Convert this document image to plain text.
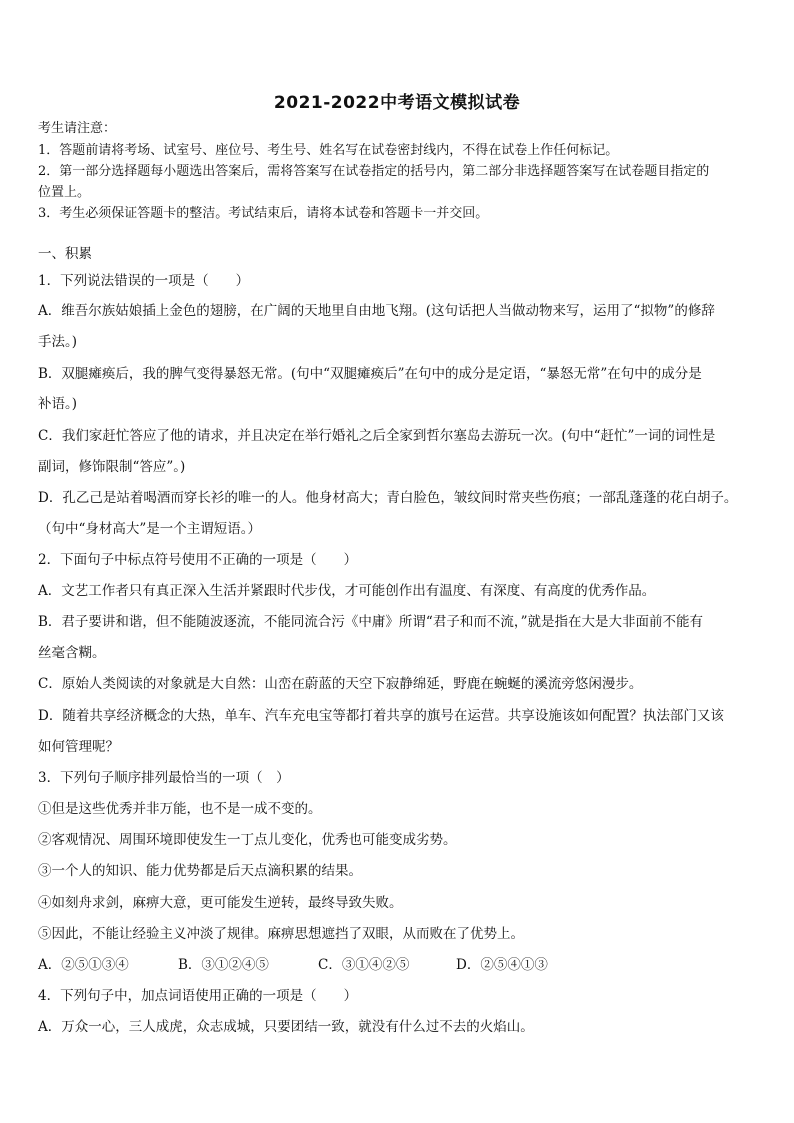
2021-2022中考语文模拟试卷
考生请注意：
1．答题前请将考场、试室号、座位号、考生号、姓名写在试卷密封线内，不得在试卷上作任何标记。
2．第一部分选择题每小题选出答案后，需将答案写在试卷指定的括号内，第二部分非选择题答案写在试卷题目指定的
位置上。
3．考生必须保证答题卡的整洁。考试结束后，请将本试卷和答题卡一并交回。
一、积累
1．下列说法错误的一项是（　　）
A．维吾尔族姑娘插上金色的翅膀，在广阔的天地里自由地飞翔。(这句话把人当做动物来写，运用了“拟物”的修辞
手法。)
B．双腿瘫痪后，我的脾气变得暴怒无常。(句中“双腿瘫痪后”在句中的成分是定语，“暴怒无常”在句中的成分是
补语。)
C．我们家赶忙答应了他的请求，并且决定在举行婚礼之后全家到哲尔塞岛去游玩一次。(句中“赶忙”一词的词性是
副词，修饰限制“答应”。)
D．孔乙己是站着喝酒而穿长衫的唯一的人。他身材高大；青白脸色，皱纹间时常夹些伤痕；一部乱蓬蓬的花白胡子。
（句中“身材高大”是一个主谓短语。）
2．下面句子中标点符号使用不正确的一项是（　　）
A．文艺工作者只有真正深入生活并紧跟时代步伐，才可能创作出有温度、有深度、有高度的优秀作品。
B．君子要讲和谐，但不能随波逐流，不能同流合污《中庸》所谓“君子和而不流，”就是指在大是大非面前不能有
丝毫含糊。
C．原始人类阅读的对象就是大自然：山峦在蔚蓝的天空下寂静绵延，野鹿在蜿蜒的溪流旁悠闲漫步。
D．随着共享经济概念的大热，单车、汽车充电宝等都打着共享的旗号在运营。共享设施该如何配置？执法部门又该
如何管理呢？
3．下列句子顺序排列最恰当的一项（　）
①但是这些优秀并非万能，也不是一成不变的。
②客观情况、周围环境即使发生一丁点儿变化，优秀也可能变成劣势。
③一个人的知识、能力优势都是后天点滴积累的结果。
④如刻舟求剑，麻痹大意，更可能发生逆转，最终导致失败。
⑤因此，不能让经验主义冲淡了规律。麻痹思想遮挡了双眼，从而败在了优势上。
A．②⑤①③④	B．③①②④⑤	C．③①④②⑤	D．②⑤④①③
4．下列句子中，加点词语使用正确的一项是（　　）
A．万众一心，三人成虎，众志成城，只要团结一致，就没有什么过不去的火焰山。
